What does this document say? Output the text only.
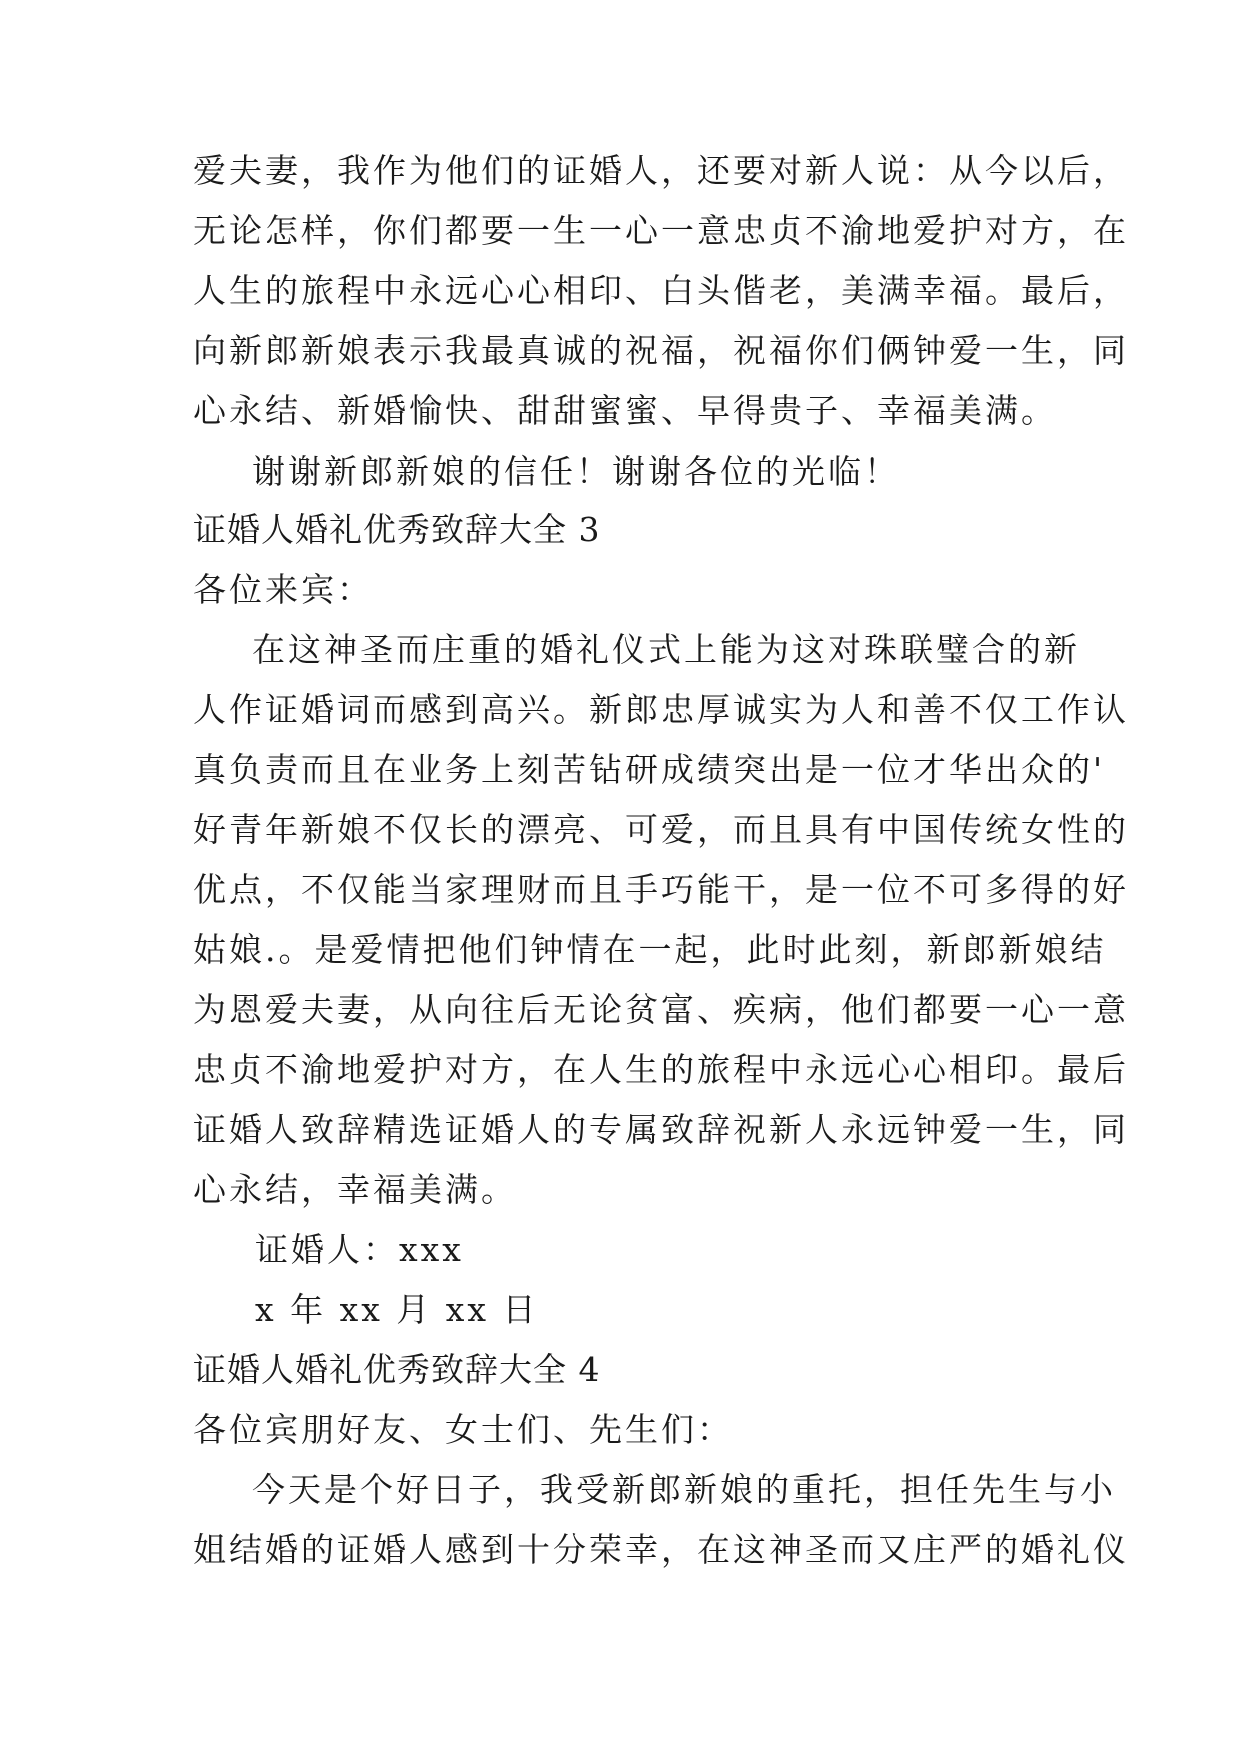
爱夫妻，我作为他们的证婚人，还要对新人说：从今以后，
无论怎样，你们都要一生一心一意忠贞不渝地爱护对方，在
人生的旅程中永远心心相印、白头偕老，美满幸福。最后，
向新郎新娘表示我最真诚的祝福，祝福你们俩钟爱一生，同
心永结、新婚愉快、甜甜蜜蜜、早得贵子、幸福美满。
谢谢新郎新娘的信任！谢谢各位的光临！
证婚人婚礼优秀致辞大全 3
各位来宾：
在这神圣而庄重的婚礼仪式上能为这对珠联璧合的新
人作证婚词而感到高兴。新郎忠厚诚实为人和善不仅工作认
真负责而且在业务上刻苦钻研成绩突出是一位才华出众的'
好青年新娘不仅长的漂亮、可爱，而且具有中国传统女性的
优点，不仅能当家理财而且手巧能干，是一位不可多得的好
姑娘.。是爱情把他们钟情在一起，此时此刻，新郎新娘结
为恩爱夫妻，从向往后无论贫富、疾病，他们都要一心一意
忠贞不渝地爱护对方，在人生的旅程中永远心心相印。最后
证婚人致辞精选证婚人的专属致辞祝新人永远钟爱一生，同
心永结，幸福美满。
证婚人：xxx
x 年 xx 月 xx 日
证婚人婚礼优秀致辞大全 4
各位宾朋好友、女士们、先生们：
今天是个好日子，我受新郎新娘的重托，担任先生与小
姐结婚的证婚人感到十分荣幸，在这神圣而又庄严的婚礼仪
